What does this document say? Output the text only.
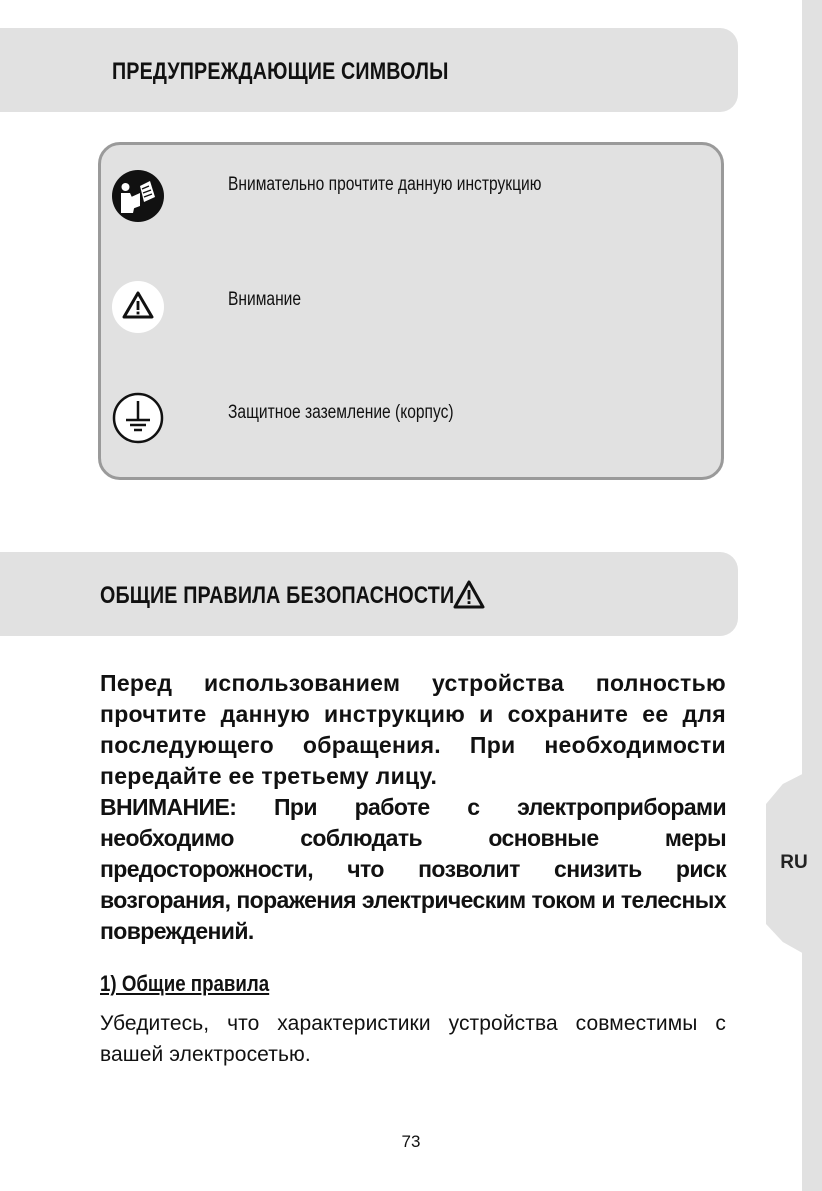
RU
ПРЕДУПРЕЖДАЮЩИЕ СИМВОЛЫ
Внимательно прочтите данную инструкцию
Внимание
Защитное заземление (корпус)
ОБЩИЕ ПРАВИЛА БЕЗОПАСНОСТИ

Перед использованием устройства полностью прочтите данную инструкцию и сохраните ее для последующего обращения. При необходимости передайте ее третьему лицу.

ВНИМАНИЕ: При работе с электроприборами необходимо соблюдать основные меры предосторожности, что позволит снизить риск возгорания, поражения электрическим током и телесных повреждений.

1) Общие правила

Убедитесь, что характеристики устройства совместимы с вашей электросетью.

73
